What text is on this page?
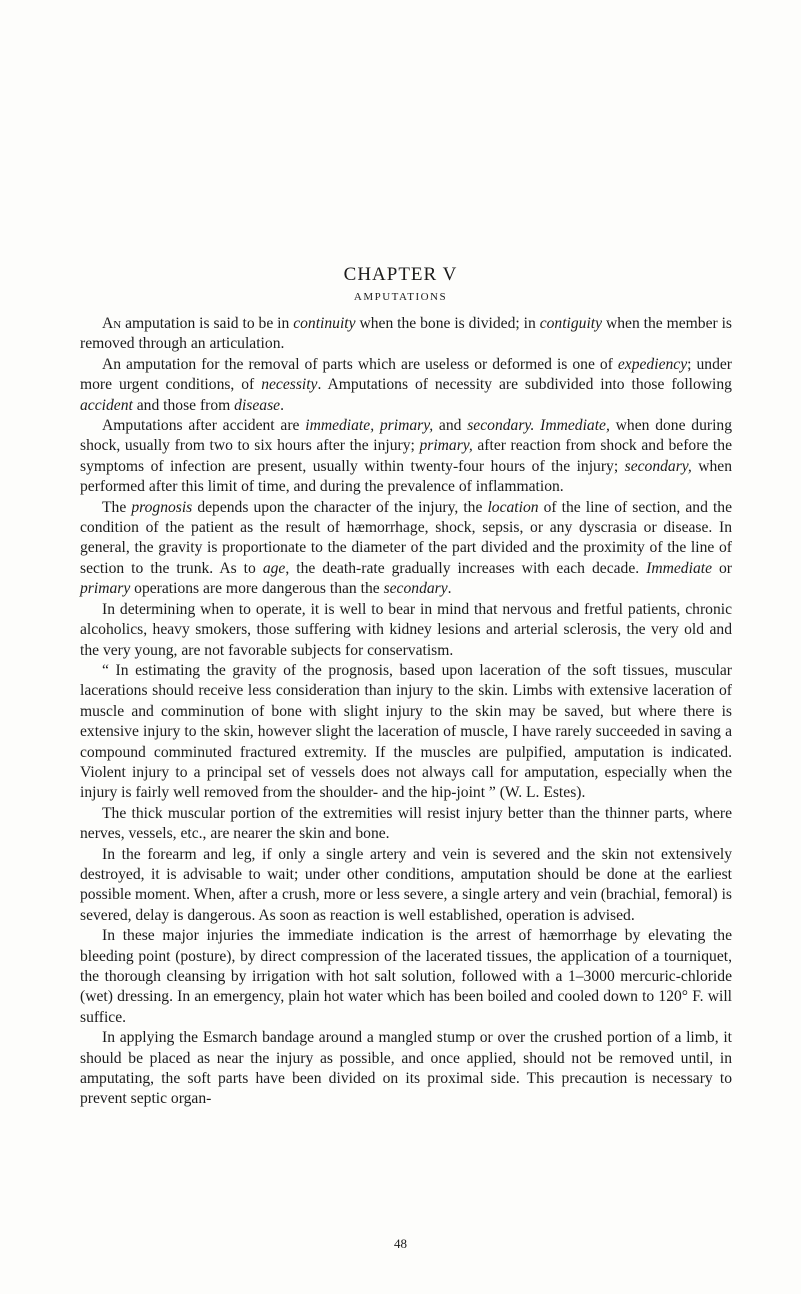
CHAPTER V
AMPUTATIONS

An amputation is said to be in continuity when the bone is divided; in contiguity when the member is removed through an articulation.

An amputation for the removal of parts which are useless or deformed is one of expediency; under more urgent conditions, of necessity. Amputations of necessity are subdivided into those following accident and those from disease.

Amputations after accident are immediate, primary, and secondary. Immediate, when done during shock, usually from two to six hours after the injury; primary, after reaction from shock and before the symptoms of infection are present, usually within twenty-four hours of the injury; secondary, when performed after this limit of time, and during the prevalence of inflammation.

The prognosis depends upon the character of the injury, the location of the line of section, and the condition of the patient as the result of hæmorrhage, shock, sepsis, or any dyscrasia or disease. In general, the gravity is proportionate to the diameter of the part divided and the proximity of the line of section to the trunk. As to age, the death-rate gradually increases with each decade. Immediate or primary operations are more dangerous than the secondary.

In determining when to operate, it is well to bear in mind that nervous and fretful patients, chronic alcoholics, heavy smokers, those suffering with kidney lesions and arterial sclerosis, the very old and the very young, are not favorable subjects for conservatism.

“ In estimating the gravity of the prognosis, based upon laceration of the soft tissues, muscular lacerations should receive less consideration than injury to the skin. Limbs with extensive laceration of muscle and comminution of bone with slight injury to the skin may be saved, but where there is extensive injury to the skin, however slight the laceration of muscle, I have rarely succeeded in saving a compound comminuted fractured extremity. If the muscles are pulpified, amputation is indicated. Violent injury to a principal set of vessels does not always call for amputation, especially when the injury is fairly well removed from the shoulder- and the hip-joint ” (W. L. Estes).

The thick muscular portion of the extremities will resist injury better than the thinner parts, where nerves, vessels, etc., are nearer the skin and bone.

In the forearm and leg, if only a single artery and vein is severed and the skin not extensively destroyed, it is advisable to wait; under other conditions, amputation should be done at the earliest possible moment. When, after a crush, more or less severe, a single artery and vein (brachial, femoral) is severed, delay is dangerous. As soon as reaction is well established, operation is advised.

In these major injuries the immediate indication is the arrest of hæmorrhage by elevating the bleeding point (posture), by direct compression of the lacerated tissues, the application of a tourniquet, the thorough cleansing by irrigation with hot salt solution, followed with a 1–3000 mercuric-chloride (wet) dressing. In an emergency, plain hot water which has been boiled and cooled down to 120° F. will suffice.

In applying the Esmarch bandage around a mangled stump or over the crushed portion of a limb, it should be placed as near the injury as possible, and once applied, should not be removed until, in amputating, the soft parts have been divided on its proximal side. This precaution is necessary to prevent septic organ-

48
